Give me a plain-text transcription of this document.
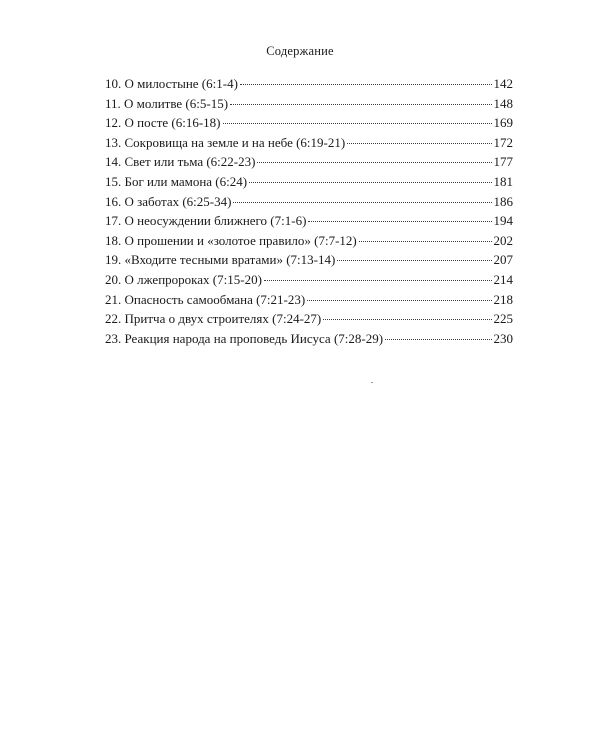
Содержание
10. О милостыне (6:1-4)	142
11. О молитве (6:5-15)	148
12. О посте (6:16-18)	169
13. Сокровища на земле и на небе (6:19-21)	172
14. Свет или тьма (6:22-23)	177
15. Бог или мамона (6:24)	181
16. О заботах (6:25-34)	186
17. О неосуждении ближнего (7:1-6)	194
18. О прошении и «золотое правило» (7:7-12)	202
19. «Входите тесными вратами» (7:13-14)	207
20. О лжепророках (7:15-20)	214
21. Опасность самообмана (7:21-23)	218
22. Притча о двух строителях (7:24-27)	225
23. Реакция народа на проповедь Иисуса (7:28-29)	230
